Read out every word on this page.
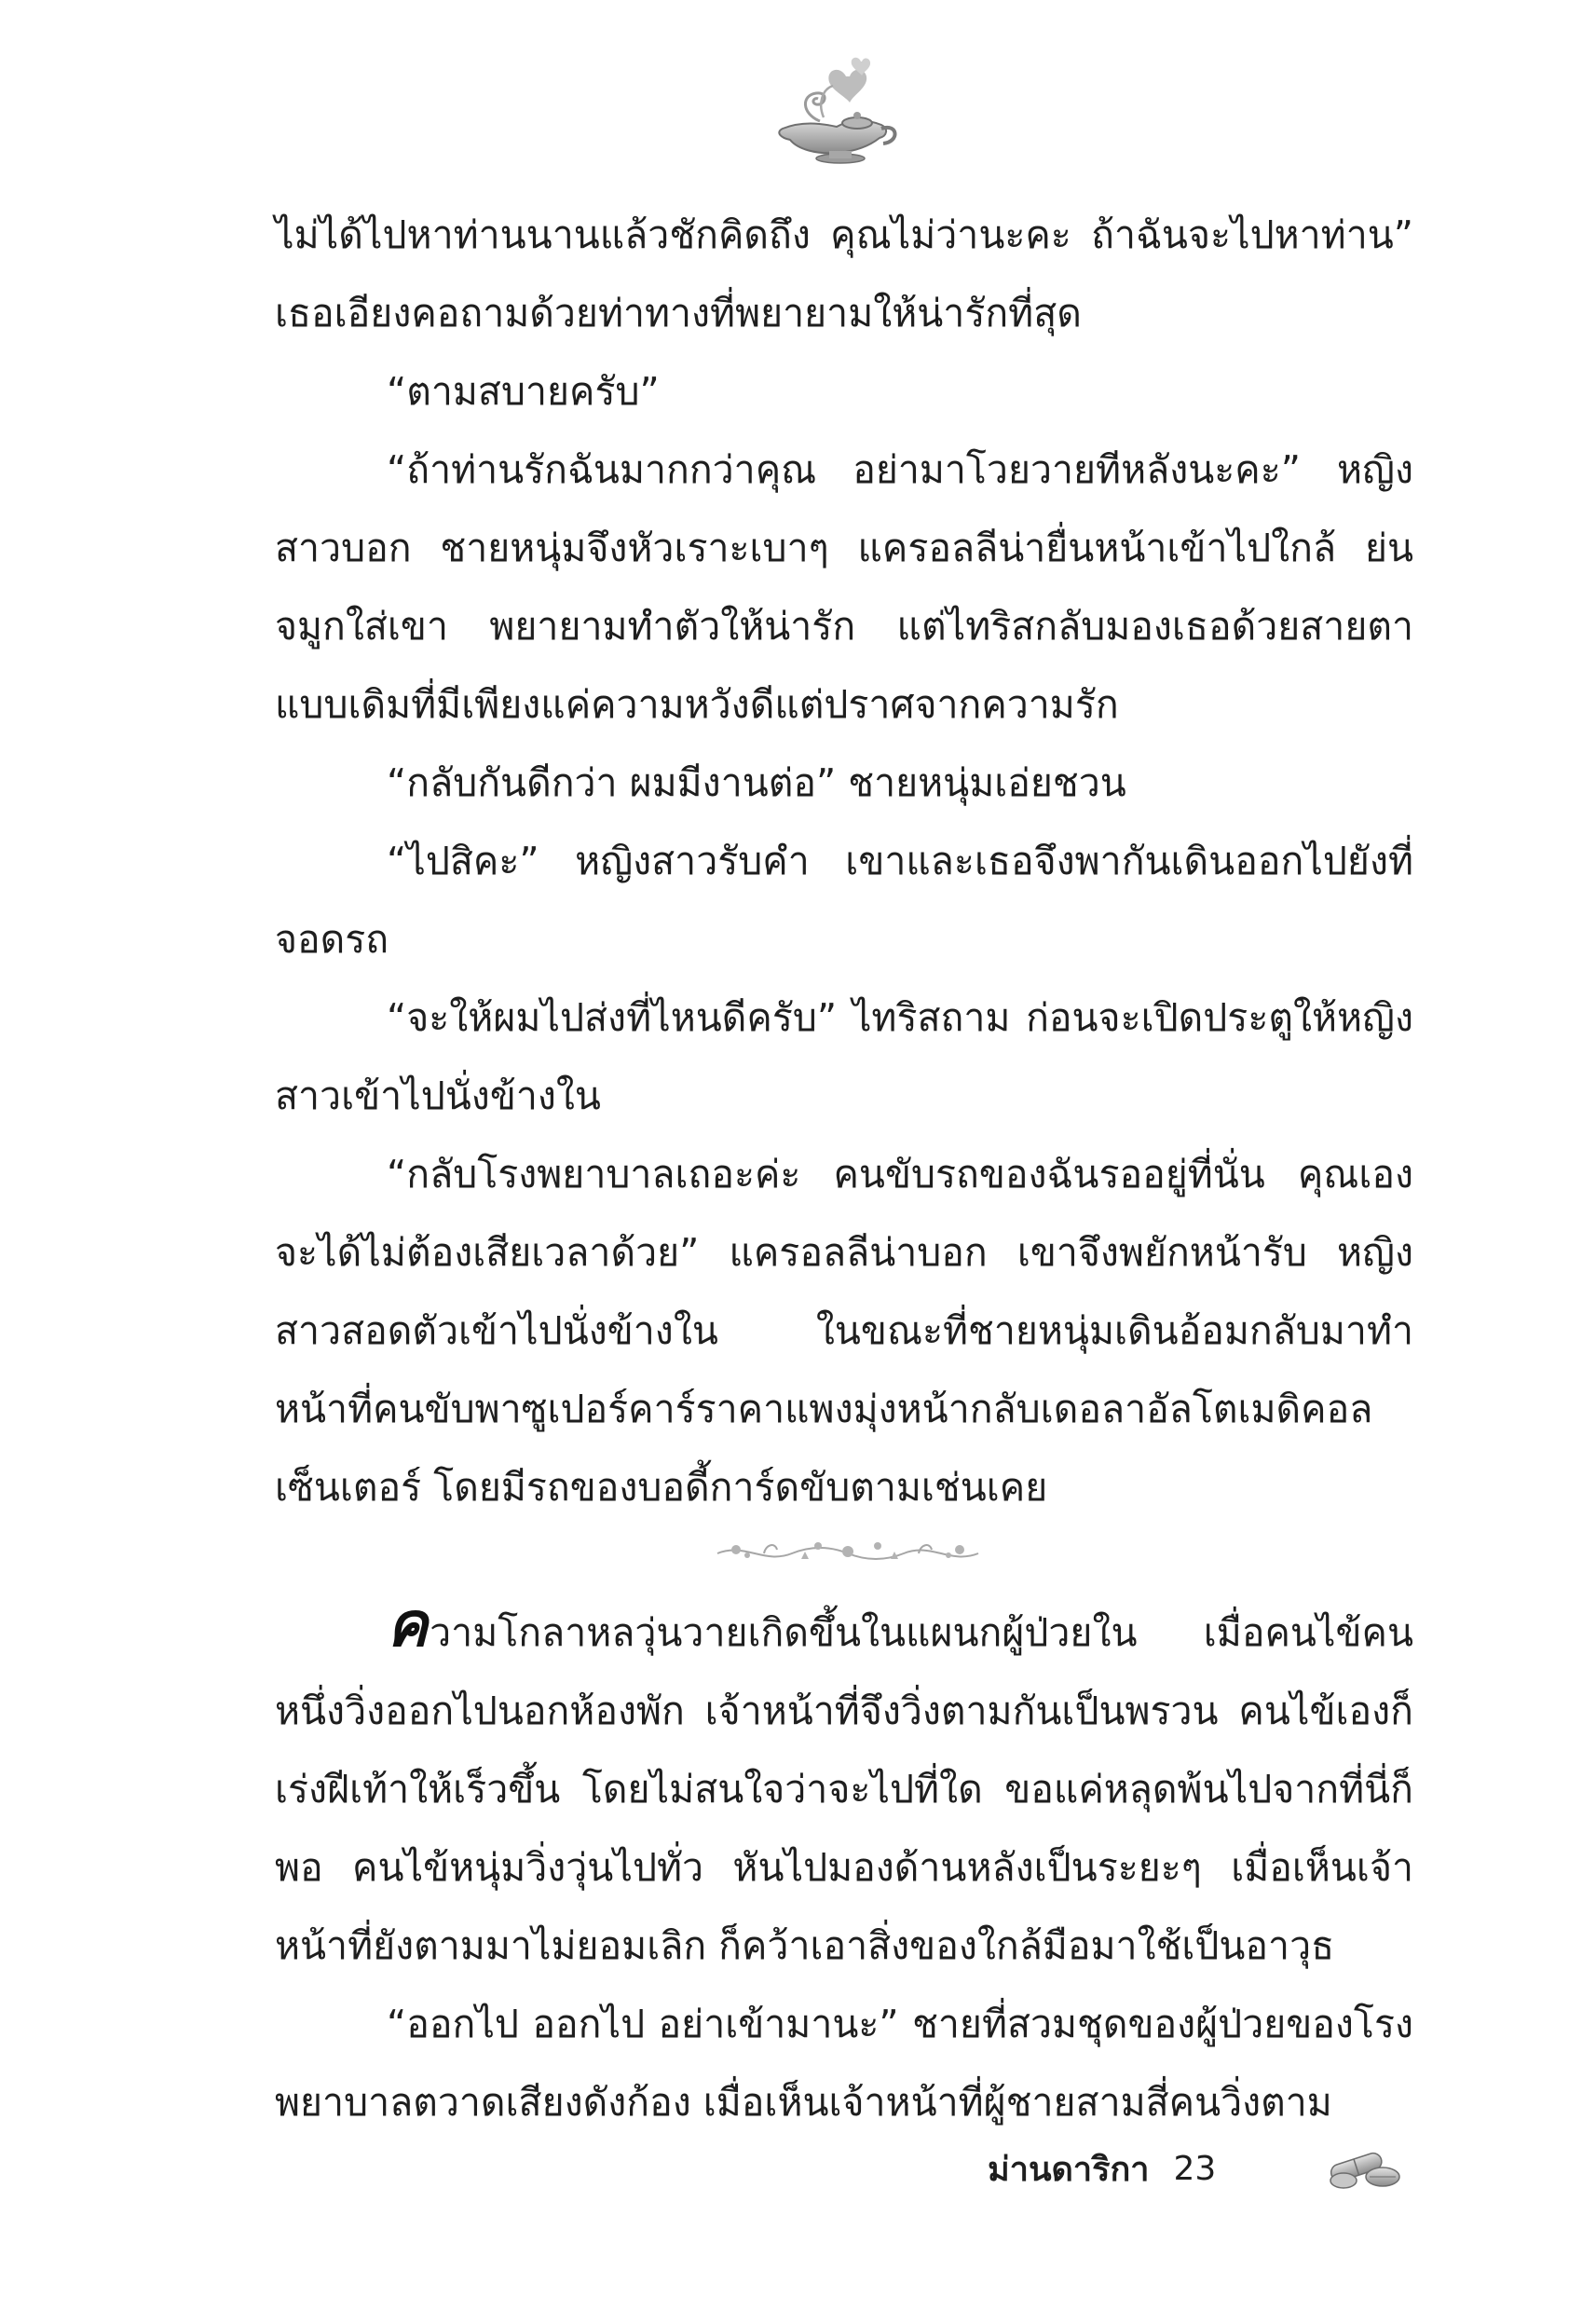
ไม่ได้ไปหาท่านนานแล้วชักคิดถึง คุณไม่ว่านะคะ ถ้าฉันจะไปหาท่าน” เธอเอียงคอถามด้วยท่าทางที่พยายามให้น่ารักที่สุด

“ตามสบายครับ”

“ถ้าท่านรักฉันมากกว่าคุณ อย่ามาโวยวายทีหลังนะคะ” หญิงสาวบอก ชายหนุ่มจึงหัวเราะเบาๆ แครอลลีน่ายื่นหน้าเข้าไปใกล้ ย่นจมูกใส่เขา พยายามทำตัวให้น่ารัก แต่ไทริสกลับมองเธอด้วยสายตาแบบเดิมที่มีเพียงแค่ความหวังดีแต่ปราศจากความรัก

“กลับกันดีกว่า ผมมีงานต่อ” ชายหนุ่มเอ่ยชวน

“ไปสิคะ” หญิงสาวรับคำ เขาและเธอจึงพากันเดินออกไปยังที่จอดรถ

“จะให้ผมไปส่งที่ไหนดีครับ” ไทริสถาม ก่อนจะเปิดประตูให้หญิงสาวเข้าไปนั่งข้างใน

“กลับโรงพยาบาลเถอะค่ะ คนขับรถของฉันรออยู่ที่นั่น คุณเองจะได้ไม่ต้องเสียเวลาด้วย” แครอลลีน่าบอก เขาจึงพยักหน้ารับ หญิงสาวสอดตัวเข้าไปนั่งข้างใน ในขณะที่ชายหนุ่มเดินอ้อมกลับมาทำหน้าที่คนขับพาซูเปอร์คาร์ราคาแพงมุ่งหน้ากลับเดอลาอัลโตเมดิคอลเซ็นเตอร์ โดยมีรถของบอดี้การ์ดขับตามเช่นเคย

ความโกลาหลวุ่นวายเกิดขึ้นในแผนกผู้ป่วยใน เมื่อคนไข้คนหนึ่งวิ่งออกไปนอกห้องพัก เจ้าหน้าที่จึงวิ่งตามกันเป็นพรวน คนไข้เองก็เร่งฝีเท้าให้เร็วขึ้น โดยไม่สนใจว่าจะไปที่ใด ขอแค่หลุดพ้นไปจากที่นี่ก็พอ คนไข้หนุ่มวิ่งวุ่นไปทั่ว หันไปมองด้านหลังเป็นระยะๆ เมื่อเห็นเจ้าหน้าที่ยังตามมาไม่ยอมเลิก ก็คว้าเอาสิ่งของใกล้มือมาใช้เป็นอาวุธ

“ออกไป ออกไป อย่าเข้ามานะ” ชายที่สวมชุดของผู้ป่วยของโรงพยาบาลตวาดเสียงดังก้อง เมื่อเห็นเจ้าหน้าที่ผู้ชายสามสี่คนวิ่งตาม

ม่านดาริกา 23
